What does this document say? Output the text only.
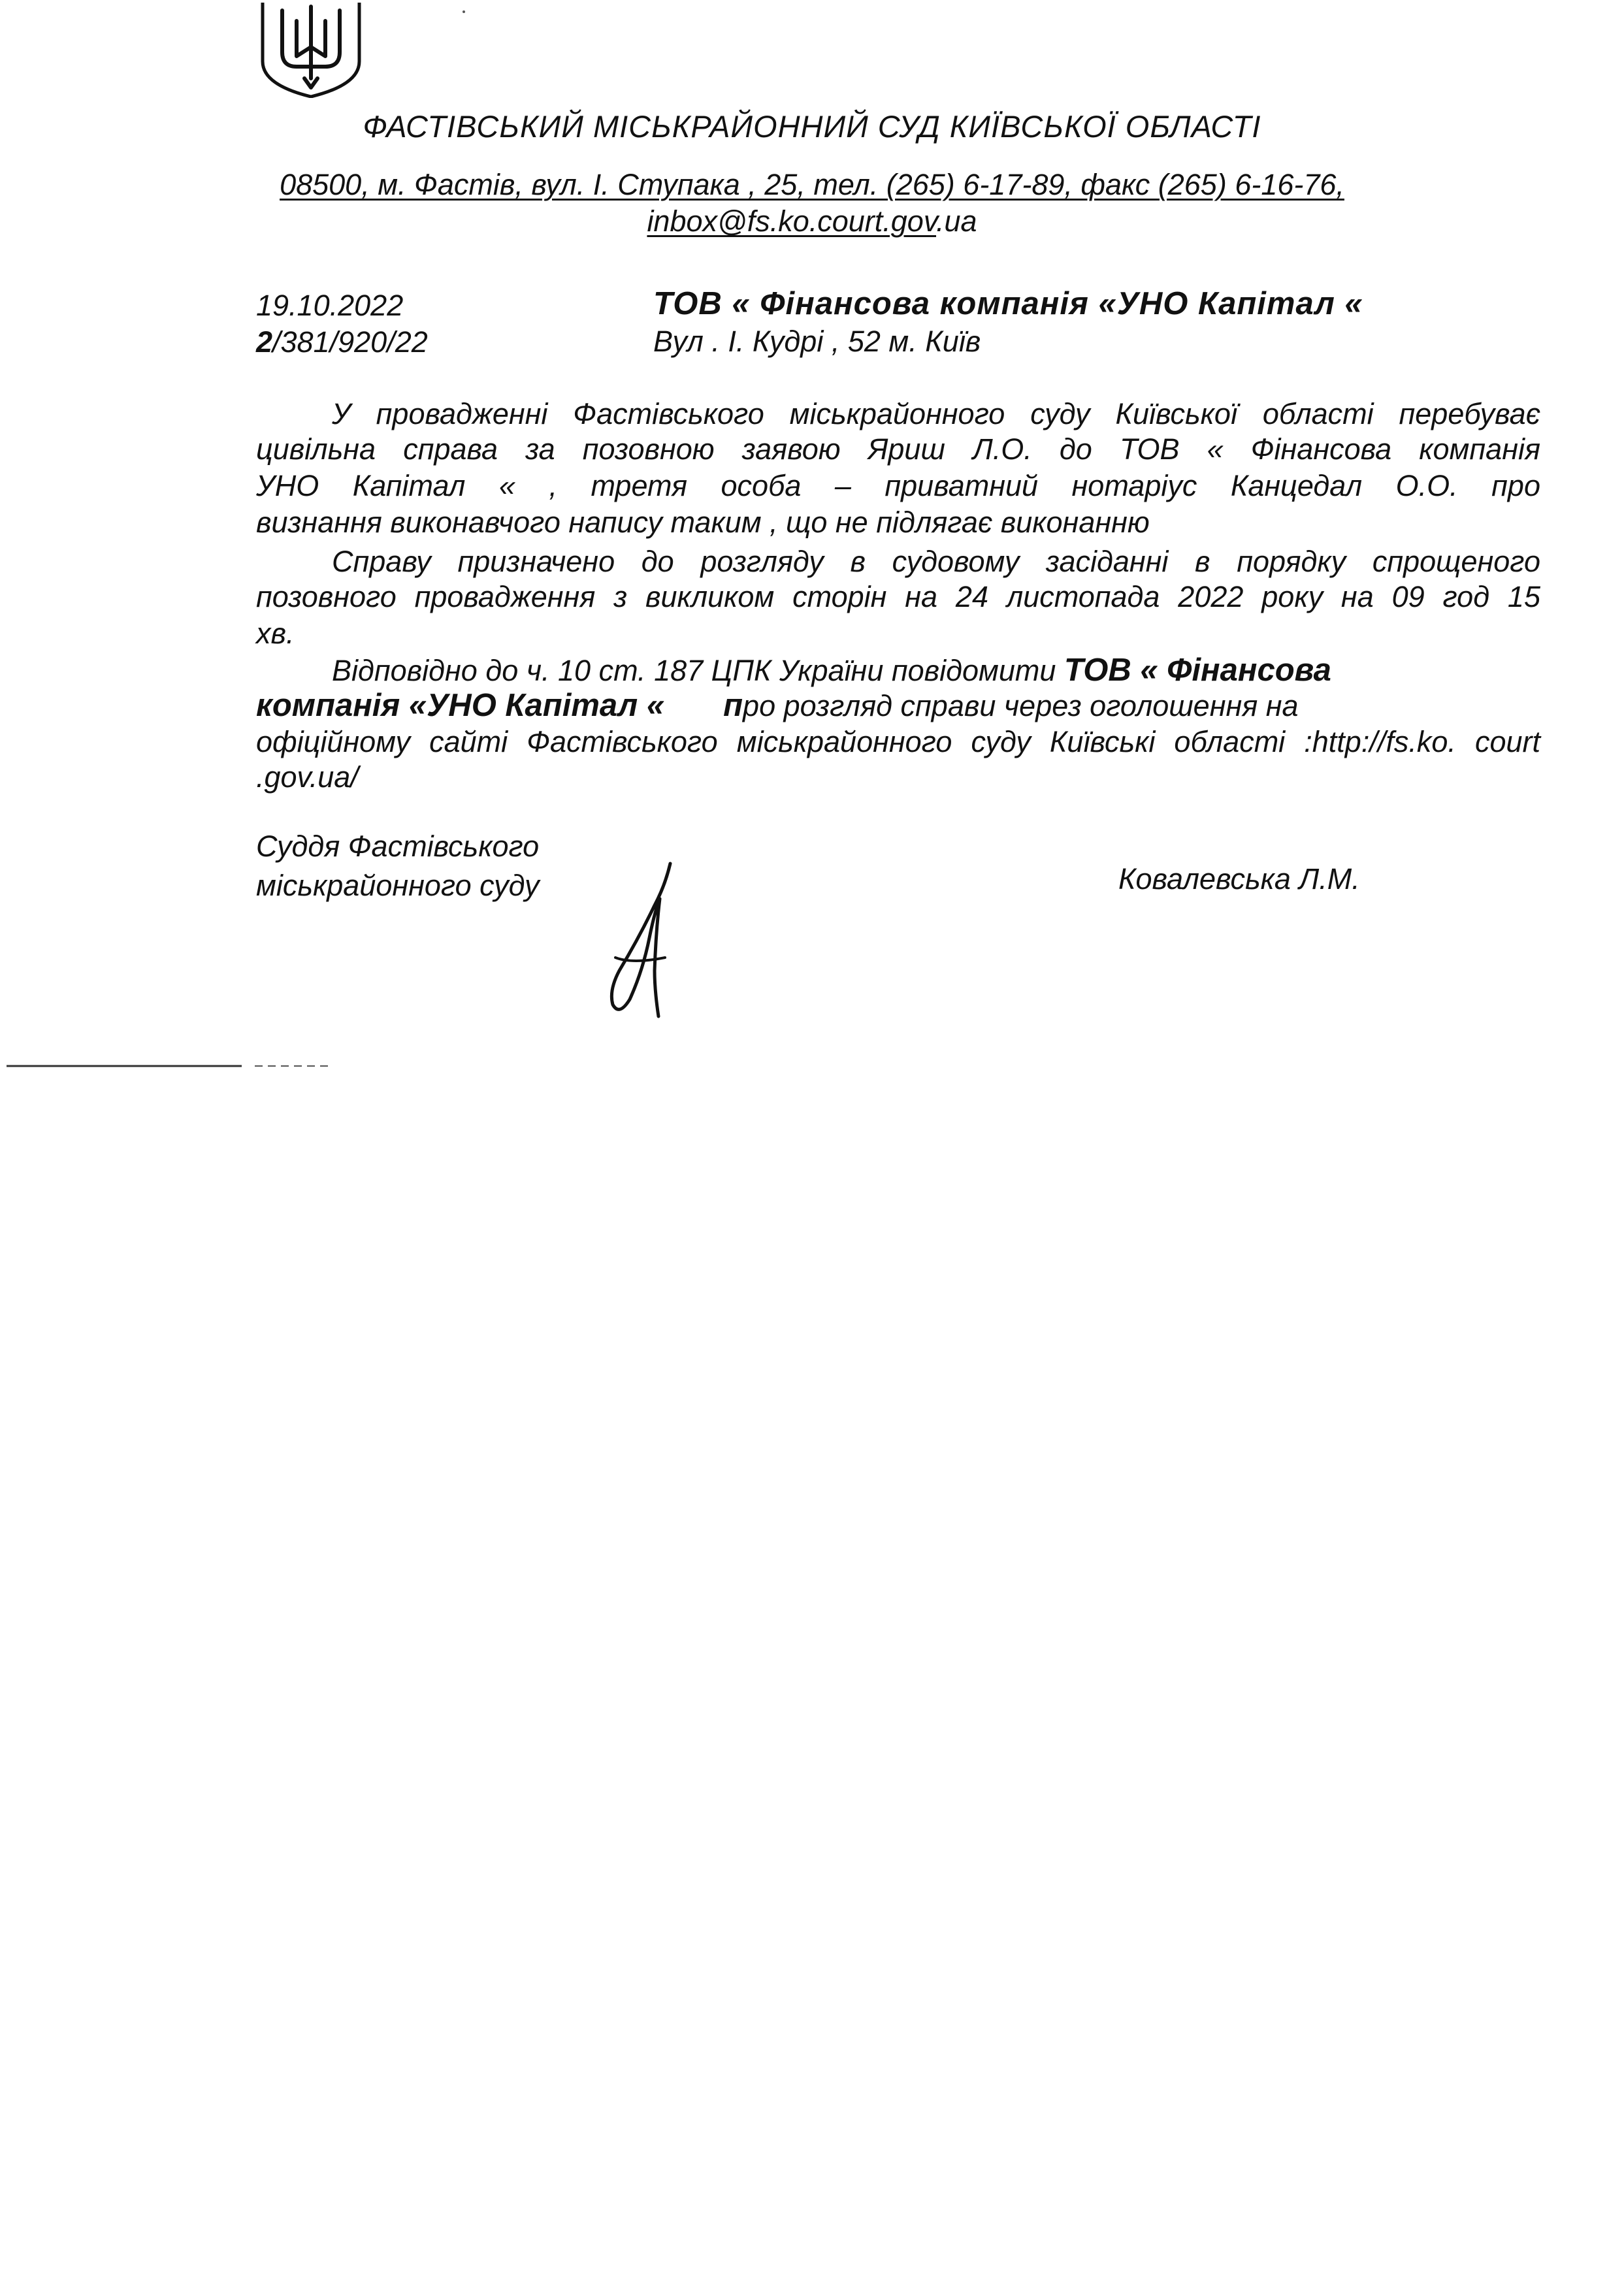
ФАСТІВСЬКИЙ МІСЬКРАЙОННИЙ СУД КИЇВСЬКОЇ ОБЛАСТІ
08500, м. Фастів, вул. І. Ступака , 25, тел. (265) 6-17-89, факс (265) 6-16-76,
inbox@fs.ko.court.gov.ua
19.10.2022
2/381/920/22
ТОВ « Фінансова компанія «УНО Капітал «
Вул . І. Кудрі , 52 м. Київ
У провадженні Фастівського міськрайонного суду Київської області перебуває
цивільна справа за позовною заявою Яриш Л.О. до ТОВ « Фінансова компанія
УНО Капітал « , третя особа – приватний нотаріус Канцедал О.О. про
визнання виконавчого напису таким , що не підлягає виконанню
Справу призначено до розгляду в судовому засіданні в порядку спрощеного
позовного провадження з викликом сторін на 24 листопада 2022 року на 09 год 15
хв.
Відповідно до ч. 10 ст. 187 ЦПК України повідомити ТОВ « Фінансова
компанія «УНО Капітал « про розгляд справи через оголошення на
офіційному сайті Фастівського міськрайонного суду Київські області :http://fs.ko. court
.gov.ua/
Суддя Фастівського
міськрайонного суду	Ковалевська Л.М.
